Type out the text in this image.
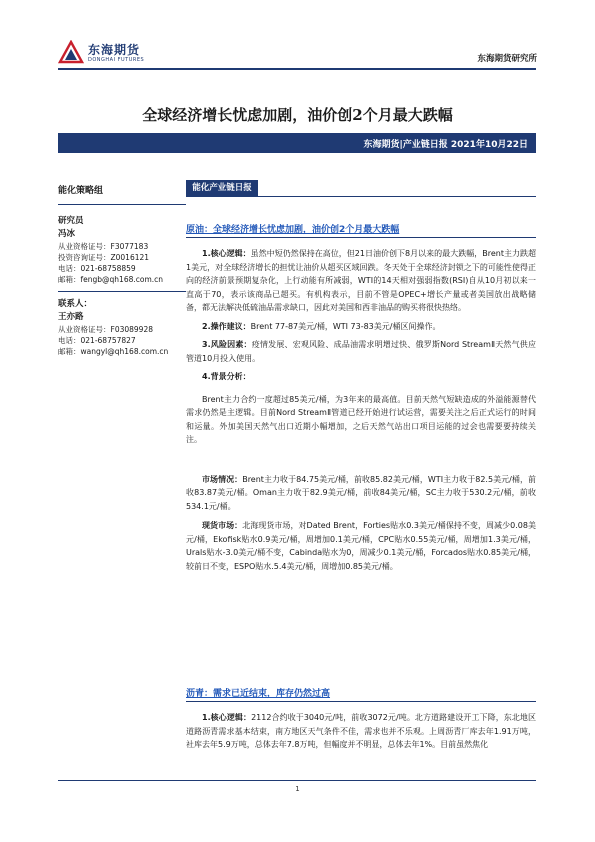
东海期货
DONGHAI FUTURES	东海期货研究所
全球经济增长忧虑加剧，油价创2个月最大跌幅
东海期货|产业链日报 2021年10月22日
能化策略组
研究员
冯冰
从业资格证号：F3077183
投资咨询证号：Z0016121
电话：021-68758859
邮箱：fengb@qh168.com.cn
联系人：
王亦路
从业资格证号：F03089928
电话：021-68757827
邮箱：wangyl@qh168.com.cn
能化产业链日报
原油：全球经济增长忧虑加剧，油价创2个月最大跌幅
1.核心逻辑：虽然中短仍然保持在高位，但21日油价创下8月以来的最大跌幅，Brent主力跌超1美元，对全球经济增长的担忧让油价从超买区域回跌。冬天处于全球经济封锁之下的可能性使得正向的经济前景预期复杂化，上行动能有所减弱，WTI的14天相对强弱指数(RSI)自从10月初以来一直高于70，表示该商品已超买。有机构表示，目前不管是OPEC+增长产量或者美国放出战略储备，都无法解决低硫油品需求缺口，因此对美国和西非油品的购买将很快热络。
2.操作建议：Brent 77-87美元/桶，WTI 73-83美元/桶区间操作。
3.风险因素：疫情发展、宏观风险、成品油需求明增过快、俄罗斯Nord StreamⅡ天然气供应管道10月投入使用。
4.背景分析：
Brent主力合约一度超过85美元/桶，为3年来的最高值。目前天然气短缺造成的外溢能源替代需求仍然是主逻辑。目前Nord StreamⅡ管道已经开始进行试运营，需要关注之后正式运行的时间和运量。外加美国天然气出口近期小幅增加，之后天然气站出口项目运能的过会也需要要持续关注。
市场情况：Brent主力收于84.75美元/桶，前收85.82美元/桶，WTI主力收于82.5美元/桶，前收83.87美元/桶。Oman主力收于82.9美元/桶，前收84美元/桶，SC主力收于530.2元/桶，前收534.1元/桶。
现货市场：北海现货市场，对Dated Brent，Forties贴水0.3美元/桶保持不变，周减少0.08美元/桶，Ekofisk贴水0.9美元/桶，周增加0.1美元/桶，CPC贴水0.55美元/桶，周增加1.3美元/桶，Urals贴水-3.0美元/桶不变，Cabinda贴水为0，周减少0.1美元/桶，Forcados贴水0.85美元/桶，较前日不变，ESPO贴水.5.4美元/桶，周增加0.85美元/桶。
沥青：需求已近结束，库存仍然过高
1.核心逻辑：2112合约收于3040元/吨，前收3072元/吨。北方道路建设开工下降，东北地区道路沥青需求基本结束，南方地区天气条件不佳，需求也并不乐观。上周沥青厂库去年1.91万吨，社库去年5.9万吨，总体去年7.8万吨，但幅度并不明显，总体去年1%。目前虽然焦化
1
